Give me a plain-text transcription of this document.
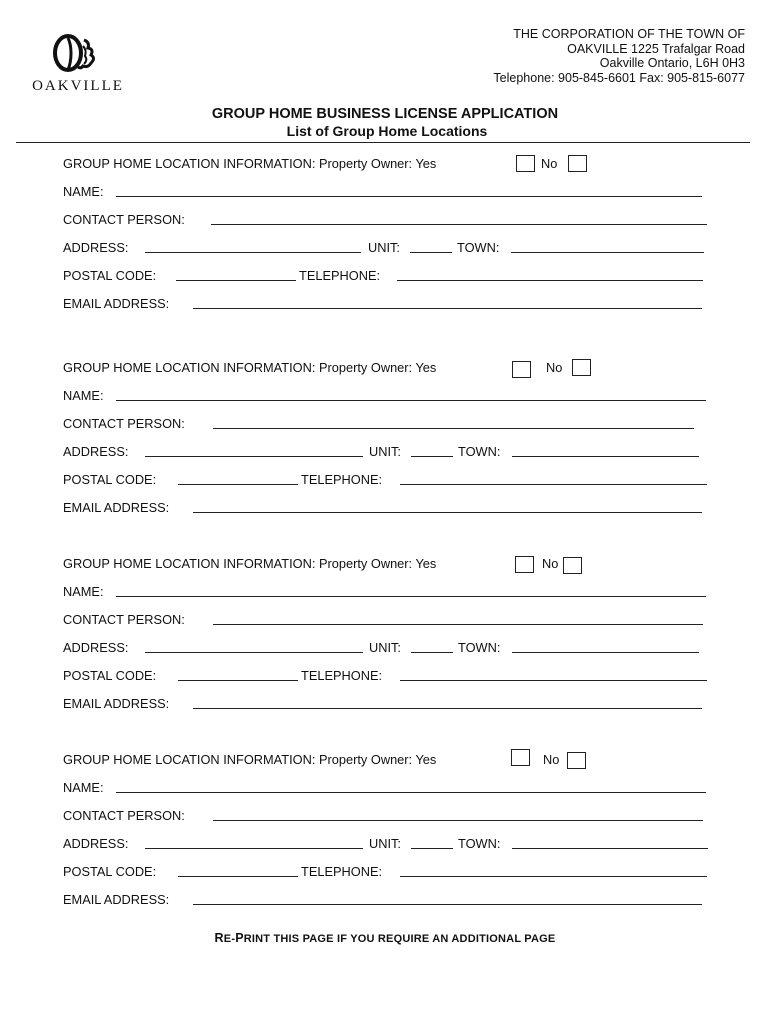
OAKVILLE
THE CORPORATION OF THE TOWN OF
OAKVILLE 1225 Trafalgar Road
Oakville Ontario, L6H 0H3
Telephone: 905-845-6601 Fax: 905-815-6077
GROUP HOME BUSINESS LICENSE APPLICATION
List of Group Home Locations
GROUP HOME LOCATION INFORMATION: Property Owner: Yes	No
NAME:
CONTACT PERSON:
ADDRESS:	UNIT:	TOWN:
POSTAL CODE:	TELEPHONE:
EMAIL ADDRESS:
GROUP HOME LOCATION INFORMATION: Property Owner: Yes	No
NAME:
CONTACT PERSON:
ADDRESS:	UNIT:	TOWN:
POSTAL CODE:	TELEPHONE:
EMAIL ADDRESS:
GROUP HOME LOCATION INFORMATION: Property Owner: Yes	No
NAME:
CONTACT PERSON:
ADDRESS:	UNIT:	TOWN:
POSTAL CODE:	TELEPHONE:
EMAIL ADDRESS:
GROUP HOME LOCATION INFORMATION: Property Owner: Yes	No
NAME:
CONTACT PERSON:
ADDRESS:	UNIT:	TOWN:
POSTAL CODE:	TELEPHONE:
EMAIL ADDRESS:
RE-PRINT THIS PAGE IF YOU REQUIRE AN ADDITIONAL PAGE
